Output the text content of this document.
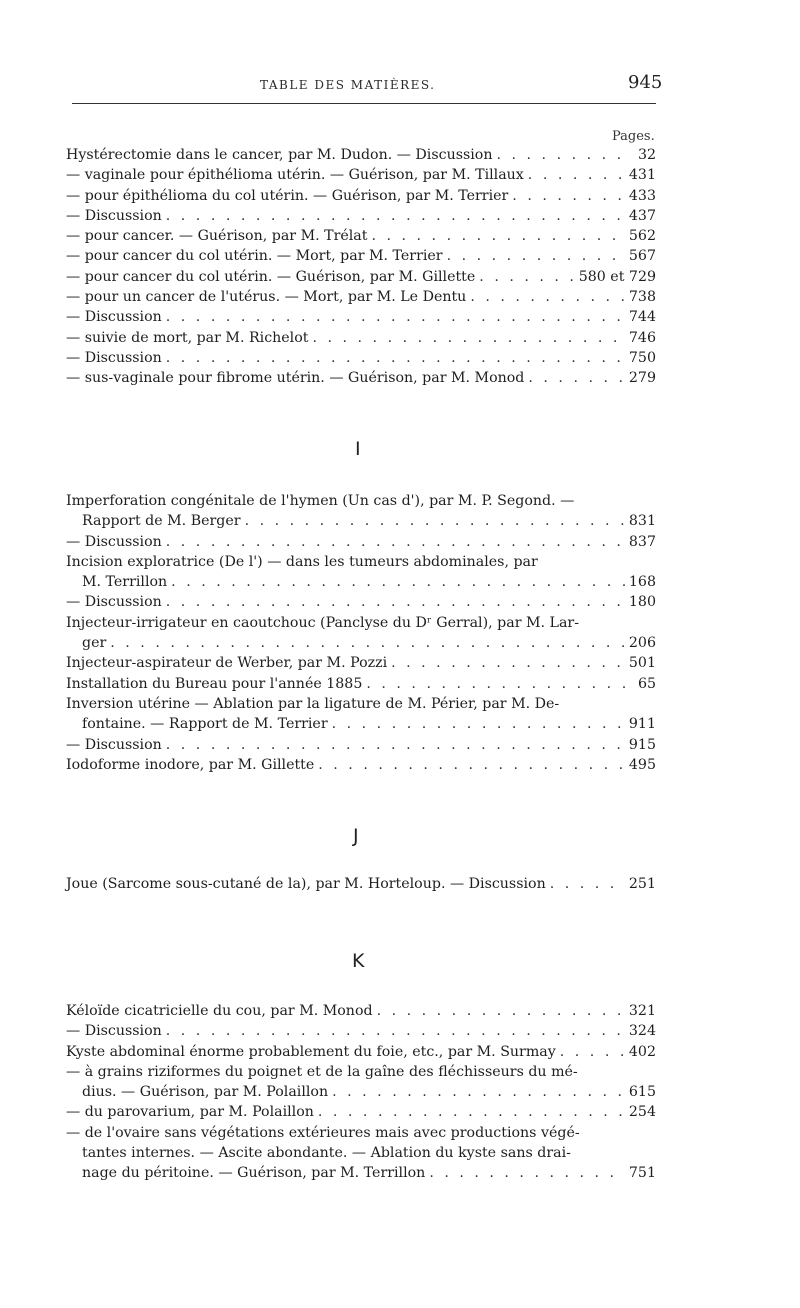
TABLE DES MATIÈRES.	945
Pages.
Hystérectomie dans le cancer, par M. Dudon. — Discussion . . .	32
— vaginale pour épithélioma utérin. — Guérison, par M. Tillaux . . .	431
— pour épithélioma du col utérin. — Guérison, par M. Terrier . . .	433
— Discussion . . .	437
— pour cancer. — Guérison, par M. Trélat . . .	562
— pour cancer du col utérin. — Mort, par M. Terrier . . .	567
— pour cancer du col utérin. — Guérison, par M. Gillette . . .	580 et 729
— pour un cancer de l'utérus. — Mort, par M. Le Dentu . . .	738
— Discussion . . .	744
— suivie de mort, par M. Richelot . . .	746
— Discussion . . .	750
— sus-vaginale pour fibrome utérin. — Guérison, par M. Monod . . .	279
I
Imperforation congénitale de l'hymen (Un cas d'), par M. P. Segond. —
Rapport de M. Berger . . .	831
— Discussion . . .	837
Incision exploratrice (De l') — dans les tumeurs abdominales, par
M. Terrillon . . .	168
— Discussion . . .	180
Injecteur-irrigateur en caoutchouc (Panclyse du Dʳ Gerral), par M. Lar-
ger . . .	206
Injecteur-aspirateur de Werber, par M. Pozzi . . .	501
Installation du Bureau pour l'année 1885 . . .	65
Inversion utérine — Ablation par la ligature de M. Périer, par M. De-
fontaine. — Rapport de M. Terrier . . .	911
— Discussion . . .	915
Iodoforme inodore, par M. Gillette . . .	495
J
Joue (Sarcome sous-cutané de la), par M. Horteloup. — Discussion . . .	251
K
Kéloïde cicatricielle du cou, par M. Monod . . .	321
— Discussion . . .	324
Kyste abdominal énorme probablement du foie, etc., par M. Surmay . . .	402
— à grains riziformes du poignet et de la gaîne des fléchisseurs du mé-
dius. — Guérison, par M. Polaillon . . .	615
— du parovarium, par M. Polaillon . . .	254
— de l'ovaire sans végétations extérieures mais avec productions végé-
tantes internes. — Ascite abondante. — Ablation du kyste sans drai-
nage du péritoine. — Guérison, par M. Terrillon . . .	751
